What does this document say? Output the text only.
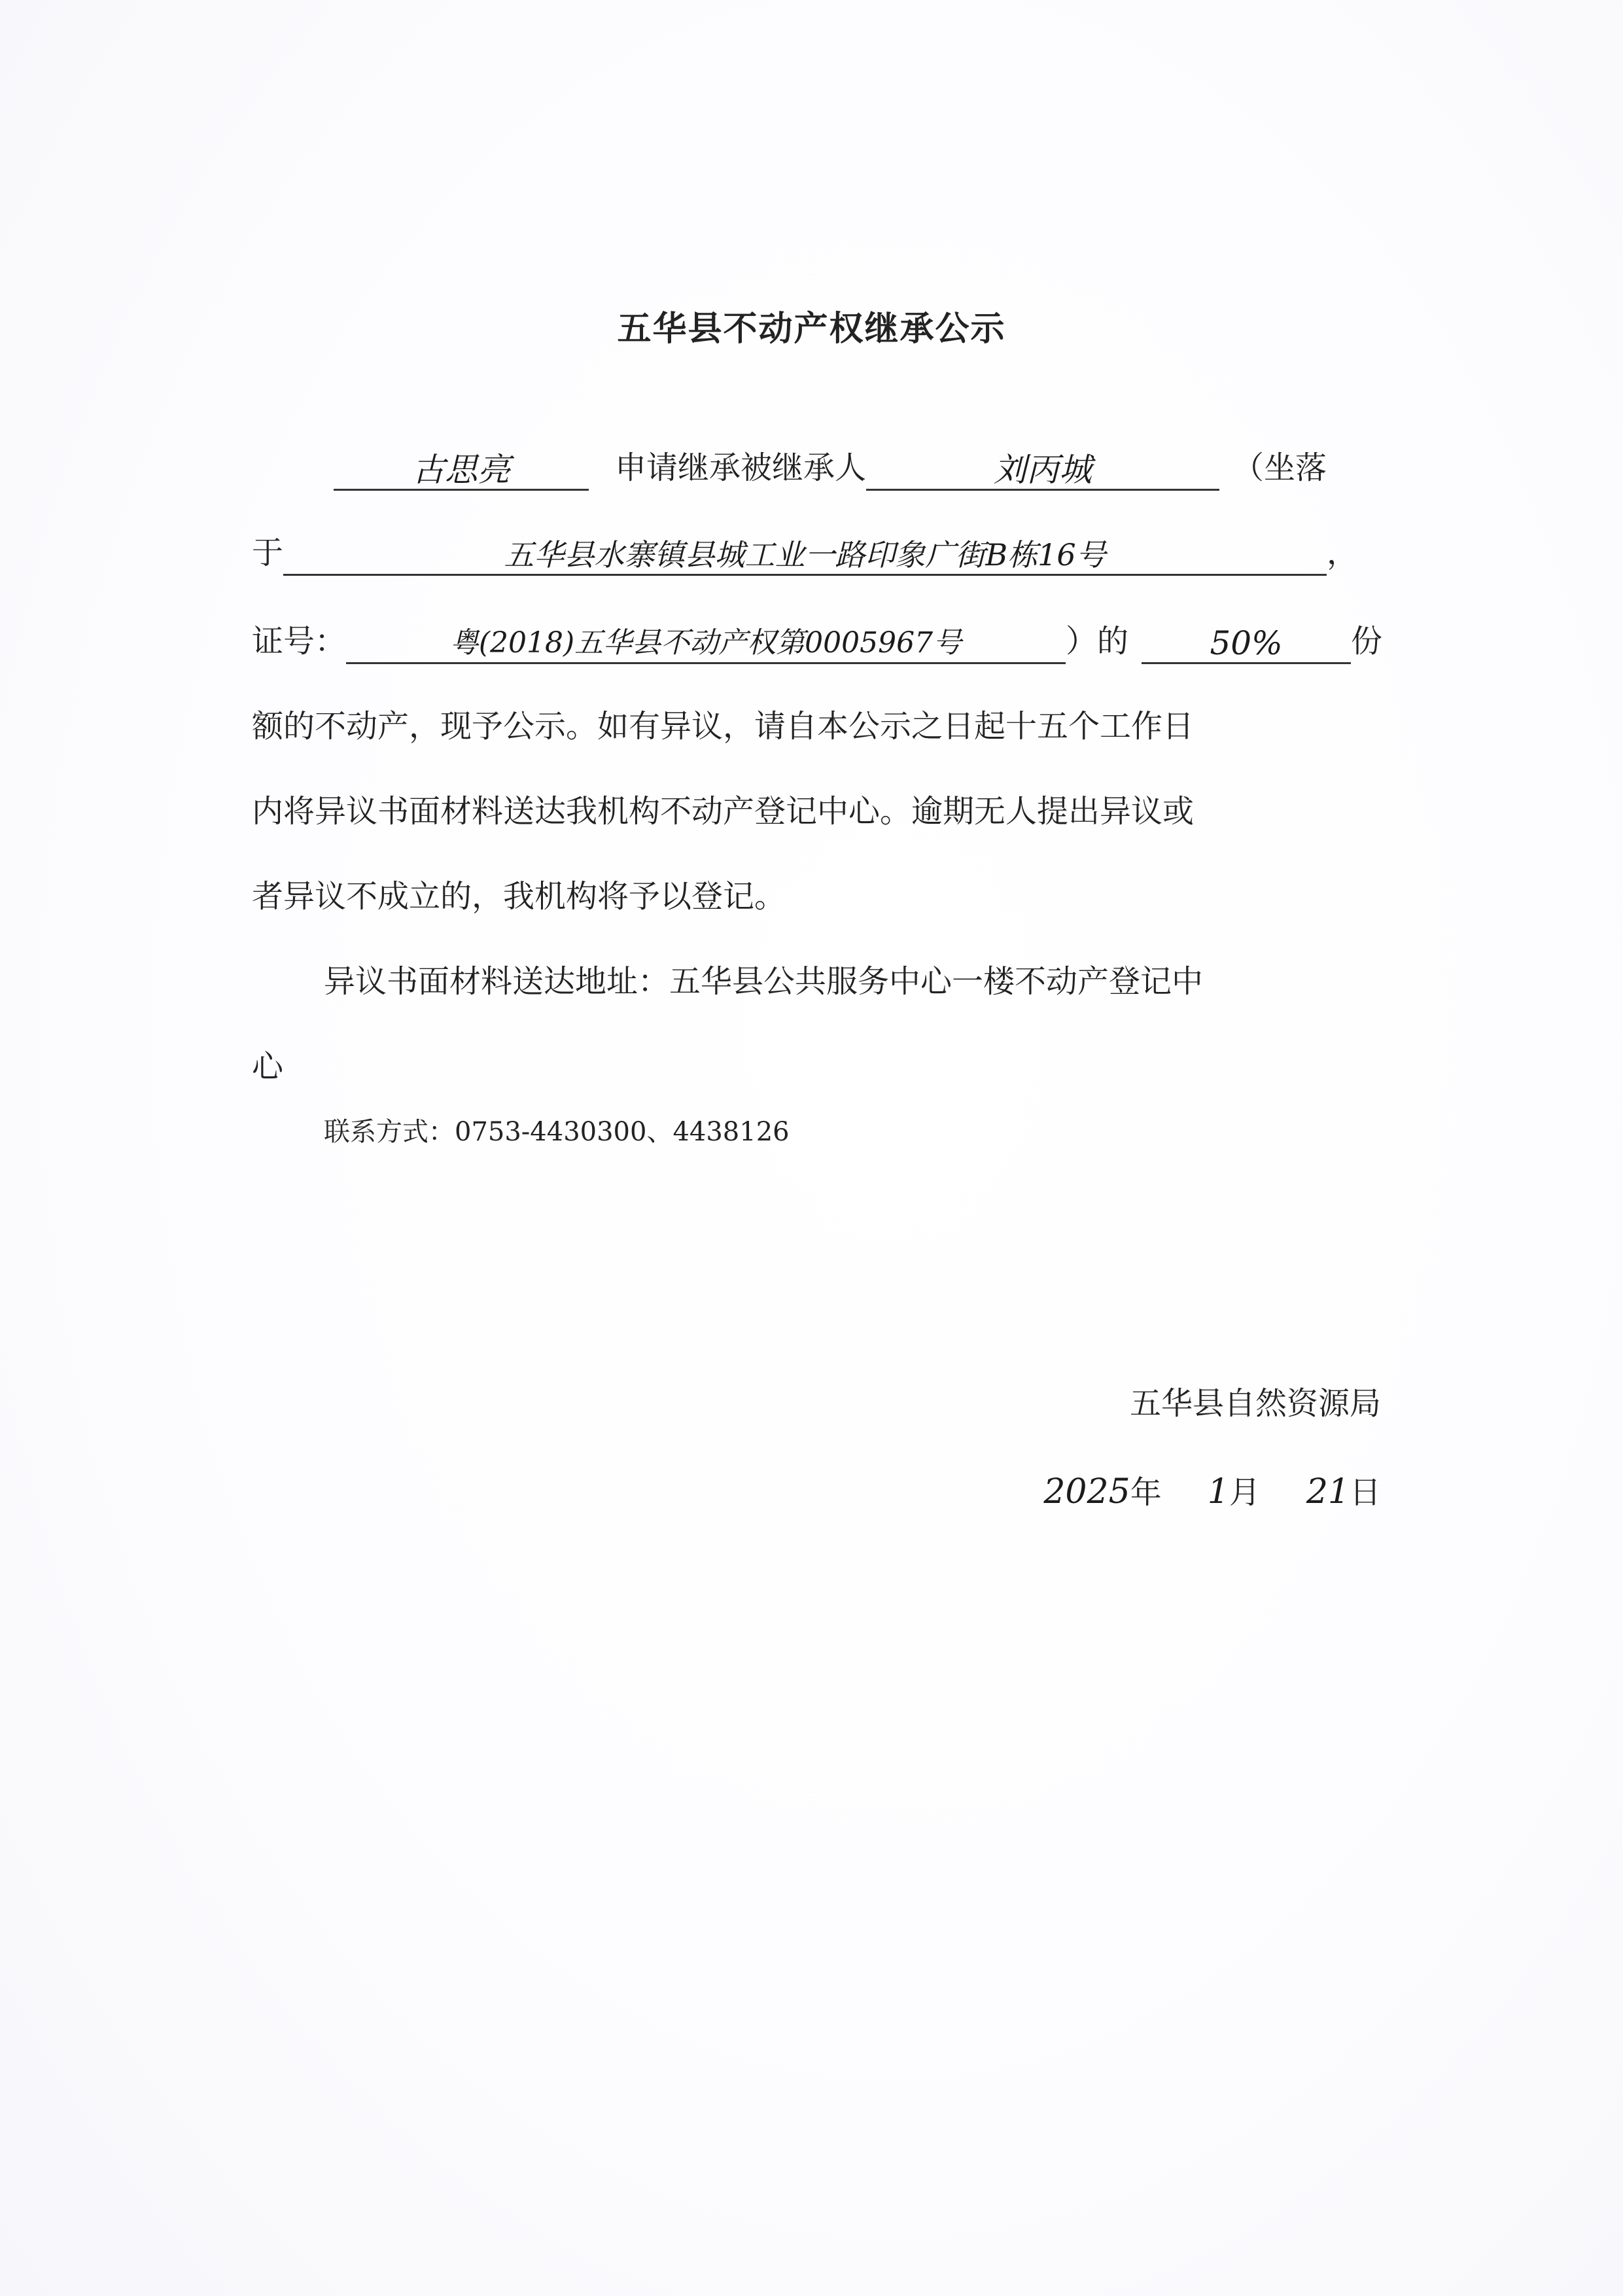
五华县不动产权继承公示
古思亮	申请继承被继承人	刘丙城	（坐落
于	五华县水寨镇县城工业一路印象广街B栋16号	，
证号：	粤(2018)五华县不动产权第0005967号	）的 50% 份
额的不动产，现予公示。如有异议，请自本公示之日起十五个工作日
内将异议书面材料送达我机构不动产登记中心。逾期无人提出异议或
者异议不成立的，我机构将予以登记。
异议书面材料送达地址：五华县公共服务中心一楼不动产登记中
心
联系方式：0753-4430300、4438126
五华县自然资源局
2025年 1月 21日
